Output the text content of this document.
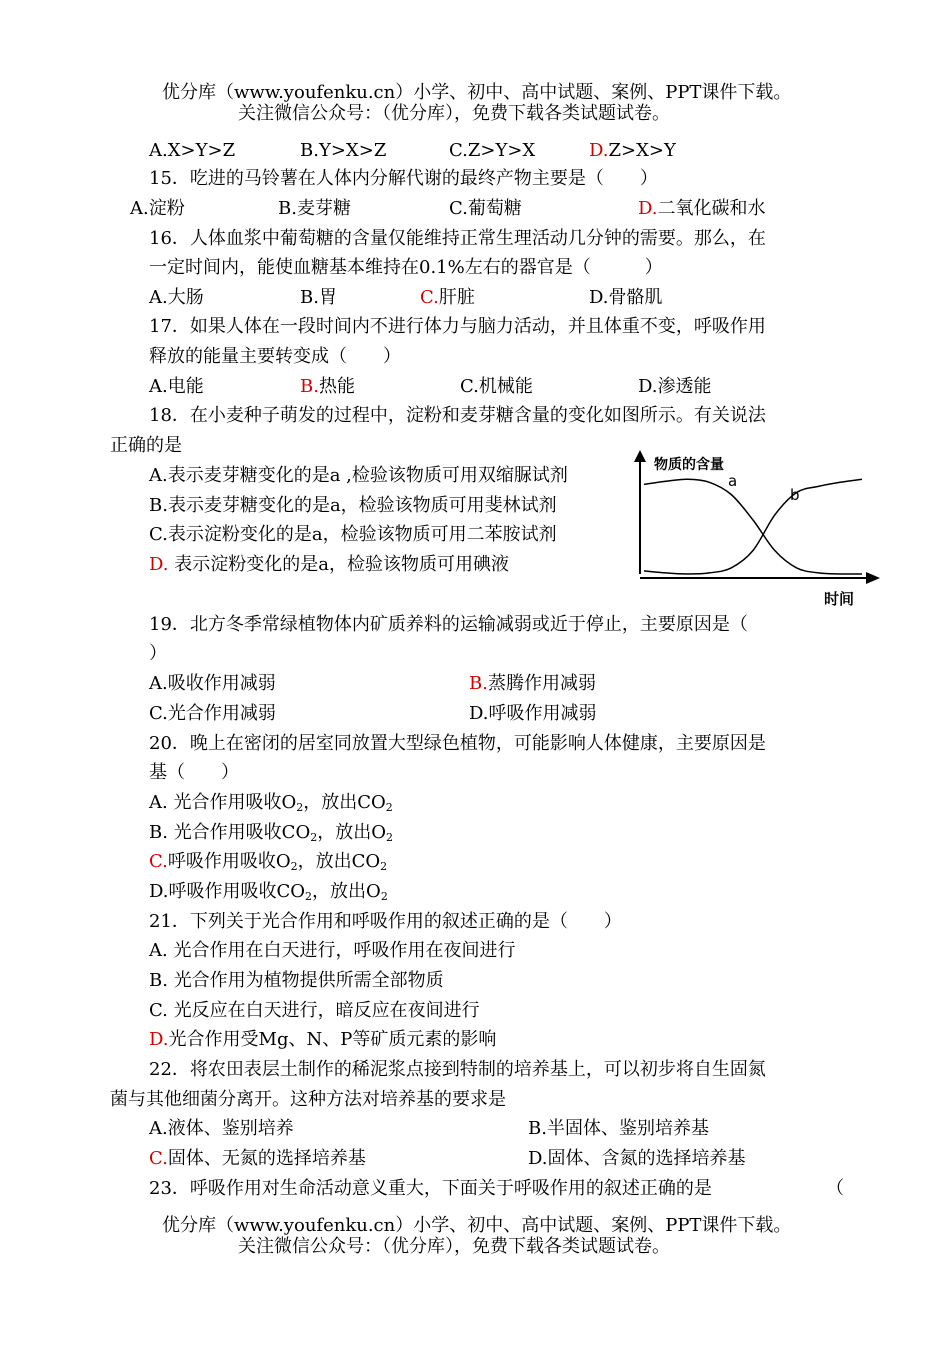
优分库（www.youfenku.cn）小学、初中、高中试题、案例、PPT课件下载。
关注微信公众号：（优分库），免费下载各类试题试卷。
A.X>Y>Z	B.Y>X>Z	C.Z>Y>X	D.Z>X>Y
15．吃进的马铃薯在人体内分解代谢的最终产物主要是（　　）
A.淀粉	B.麦芽糖	C.葡萄糖	D.二氧化碳和水
16．人体血浆中葡萄糖的含量仅能维持正常生理活动几分钟的需要。那么，在
一定时间内，能使血糖基本维持在0.1%左右的器官是（　　　）
A.大肠	B.胃	C.肝脏	D.骨骼肌
17．如果人体在一段时间内不进行体力与脑力活动，并且体重不变，呼吸作用
释放的能量主要转变成（　　）
A.电能	B.热能	C.机械能	D.渗透能
18．在小麦种子萌发的过程中，淀粉和麦芽糖含量的变化如图所示。有关说法
正确的是
A.表示麦芽糖变化的是a ,检验该物质可用双缩脲试剂
B.表示麦芽糖变化的是a，检验该物质可用斐林试剂
C.表示淀粉变化的是a，检验该物质可用二苯胺试剂
D. 表示淀粉变化的是a，检验该物质可用碘液
物质的含量
时间
a
b
19．北方冬季常绿植物体内矿质养料的运输减弱或近于停止，主要原因是（
）
A.吸收作用减弱	B.蒸腾作用减弱
C.光合作用减弱	D.呼吸作用减弱
20．晚上在密闭的居室同放置大型绿色植物，可能影响人体健康，主要原因是
基（　　）
A. 光合作用吸收$O_2$，放出$CO_2$
B. 光合作用吸收$CO_2$，放出$O_2$
C.呼吸作用吸收$O_2$，放出$CO_2$
D.呼吸作用吸收$CO_2$，放出$O_2$
21．下列关于光合作用和呼吸作用的叙述正确的是（　　）
A. 光合作用在白天进行，呼吸作用在夜间进行
B. 光合作用为植物提供所需全部物质
C. 光反应在白天进行，暗反应在夜间进行
D.光合作用受Mg、N、P等矿质元素的影响
22．将农田表层土制作的稀泥浆点接到特制的培养基上，可以初步将自生固氮
菌与其他细菌分离开。这种方法对培养基的要求是
A.液体、鉴别培养	B.半固体、鉴别培养基
C.固体、无氮的选择培养基	D.固体、含氮的选择培养基
23．呼吸作用对生命活动意义重大，下面关于呼吸作用的叙述正确的是	（
优分库（www.youfenku.cn）小学、初中、高中试题、案例、PPT课件下载。
关注微信公众号：（优分库），免费下载各类试题试卷。
